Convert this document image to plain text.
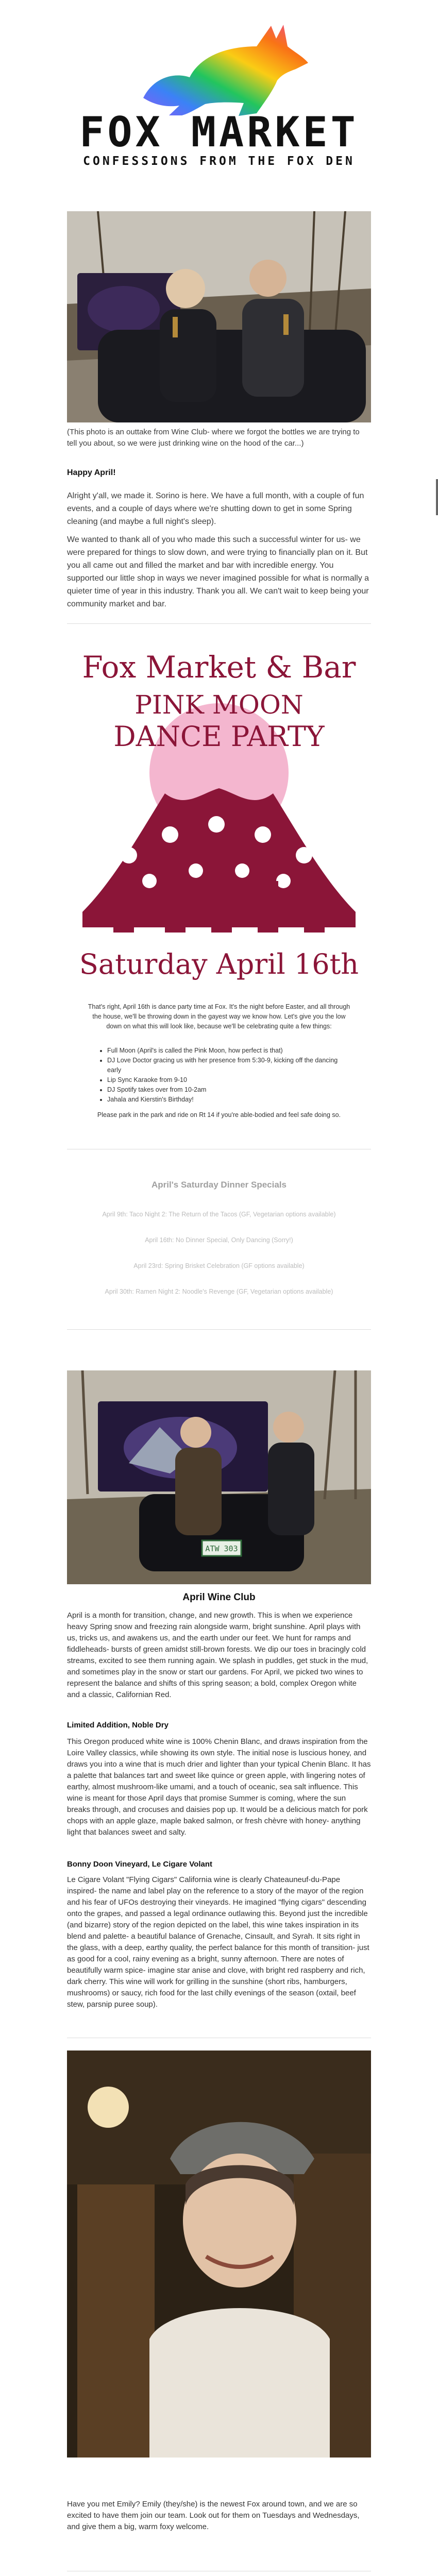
FOX MARKET
CONFESSIONS FROM THE FOX DEN

(This photo is an outtake from Wine Club- where we forgot the bottles we are trying to tell you about, so we were just drinking wine on the hood of the car...)

Happy April!

Alright y'all, we made it. Sorino is here. We have a full month, with a couple of fun events, and a couple of days where we're shutting down to get in some Spring cleaning (and maybe a full night's sleep).

We wanted to thank all of you who made this such a successful winter for us- we were prepared for things to slow down, and were trying to financially plan on it. But you all came out and filled the market and bar with incredible energy. You supported our little shop in ways we never imagined possible for what is normally a quieter time of year in this industry. Thank you all. We can't wait to keep being your community market and bar.

Fox Market & Bar
PINK MOON
DANCE PARTY
Saturday April 16th

That's right, April 16th is dance party time at Fox. It's the night before Easter, and all through the house, we'll be throwing down in the gayest way we know how. Let's give you the low down on what this will look like, because we'll be celebrating quite a few things:

• Full Moon (April's is called the Pink Moon, how perfect is that)
• DJ Love Doctor gracing us with her presence from 5:30-9, kicking off the dancing early
• Lip Sync Karaoke from 9-10
• DJ Spotify takes over from 10-2am
• Jahala and Kierstin's Birthday!

Please park in the park and ride on Rt 14 if you're able-bodied and feel safe doing so.

April's Saturday Dinner Specials
April 9th: Taco Night 2: The Return of the Tacos (GF, Vegetarian options available)
April 16th: No Dinner Special, Only Dancing (Sorry!)
April 23rd: Spring Brisket Celebration (GF options available)
April 30th: Ramen Night 2: Noodle's Revenge (GF, Vegetarian options available)
ATW 303
April Wine Club

April is a month for transition, change, and new growth. This is when we experience heavy Spring snow and freezing rain alongside warm, bright sunshine. April plays with us, tricks us, and awakens us, and the earth under our feet. We hunt for ramps and fiddleheads- bursts of green amidst still-brown forests. We dip our toes in bracingly cold streams, excited to see them running again. We splash in puddles, get stuck in the mud, and sometimes play in the snow or start our gardens. For April, we picked two wines to represent the balance and shifts of this spring season; a bold, complex Oregon white and a classic, Californian Red.

Limited Addition, Noble Dry

This Oregon produced white wine is 100% Chenin Blanc, and draws inspiration from the Loire Valley classics, while showing its own style. The initial nose is luscious honey, and draws you into a wine that is much drier and lighter than your typical Chenin Blanc. It has a palette that balances tart and sweet like quince or green apple, with lingering notes of earthy, almost mushroom-like umami, and a touch of oceanic, sea salt influence. This wine is meant for those April days that promise Summer is coming, where the sun breaks through, and crocuses and daisies pop up. It would be a delicious match for pork chops with an apple glaze, maple baked salmon, or fresh chèvre with honey- anything light that balances sweet and salty.

Bonny Doon Vineyard, Le Cigare Volant

Le Cigare Volant "Flying Cigars" California wine is clearly Chateauneuf-du-Pape inspired- the name and label play on the reference to a story of the mayor of the region and his fear of UFOs destroying their vineyards. He imagined "flying cigars" descending onto the grapes, and passed a legal ordinance outlawing this. Beyond just the incredible (and bizarre) story of the region depicted on the label, this wine takes inspiration in its blend and palette- a beautiful balance of Grenache, Cinsault, and Syrah. It sits right in the glass, with a deep, earthy quality, the perfect balance for this month of transition- just as good for a cool, rainy evening as a bright, sunny afternoon. There are notes of beautifully warm spice- imagine star anise and clove, with bright red raspberry and rich, dark cherry. This wine will work for grilling in the sunshine (short ribs, hamburgers, mushrooms) or saucy, rich food for the last chilly evenings of the season (oxtail, beef stew, parsnip puree soup).

Have you met Emily? Emily (they/she) is the newest Fox around town, and we are so excited to have them join our team. Look out for them on Tuesdays and Wednesdays, and give them a big, warm foxy welcome.
